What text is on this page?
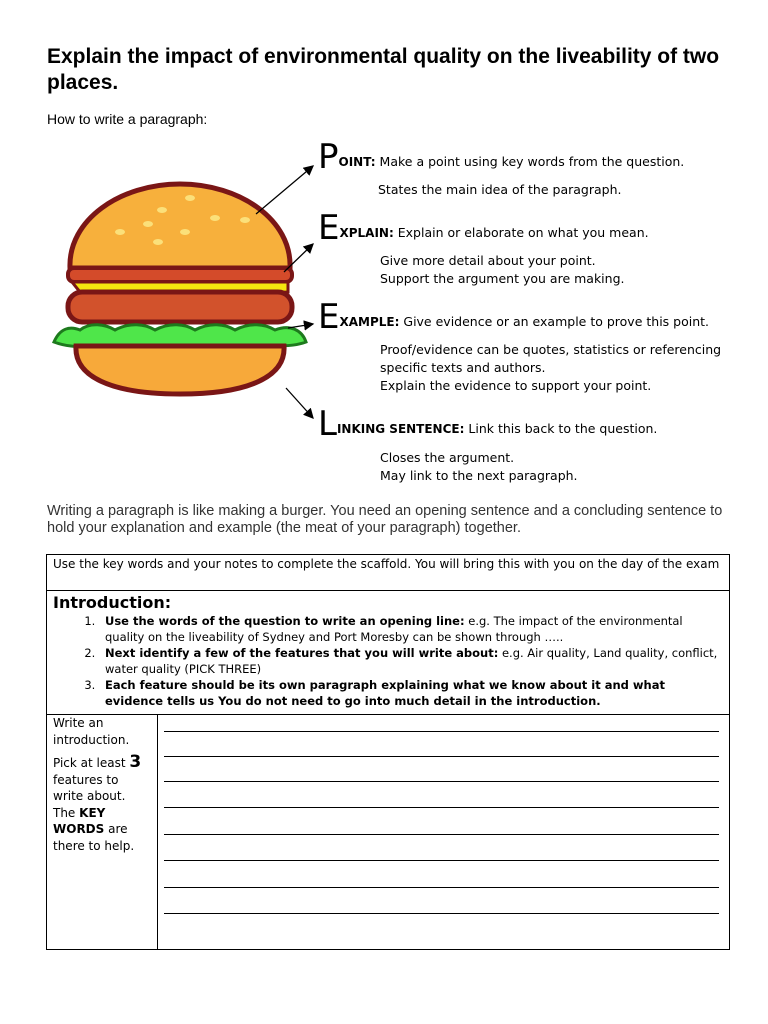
Explain the impact of environmental quality on the liveability of two places.
How to write a paragraph:
POINT: Make a point using key words from the question.
States the main idea of the paragraph.
EXPLAIN: Explain or elaborate on what you mean.
Give more detail about your point.
Support the argument you are making.
EXAMPLE: Give evidence or an example to prove this point.
Proof/evidence can be quotes, statistics or referencing
specific texts and authors.
Explain the evidence to support your point.
LINKING SENTENCE: Link this back to the question.
Closes the argument.
May link to the next paragraph.
Writing a paragraph is like making a burger. You need an opening sentence and a concluding sentence to hold your explanation and example (the meat of your paragraph) together.
Use the key words and your notes to complete the scaffold. You will bring this with you on the day of the exam
Introduction:
1. Use the words of the question to write an opening line: e.g. The impact of the environmental quality on the liveability of Sydney and Port Moresby can be shown through …..
2. Next identify a few of the features that you will write about: e.g. Air quality, Land quality, conflict, water quality (PICK THREE)
3. Each feature should be its own paragraph explaining what we know about it and what evidence tells us You do not need to go into much detail in the introduction.
Write an introduction.
Pick at least 3 features to write about.
The KEY WORDS are there to help.
